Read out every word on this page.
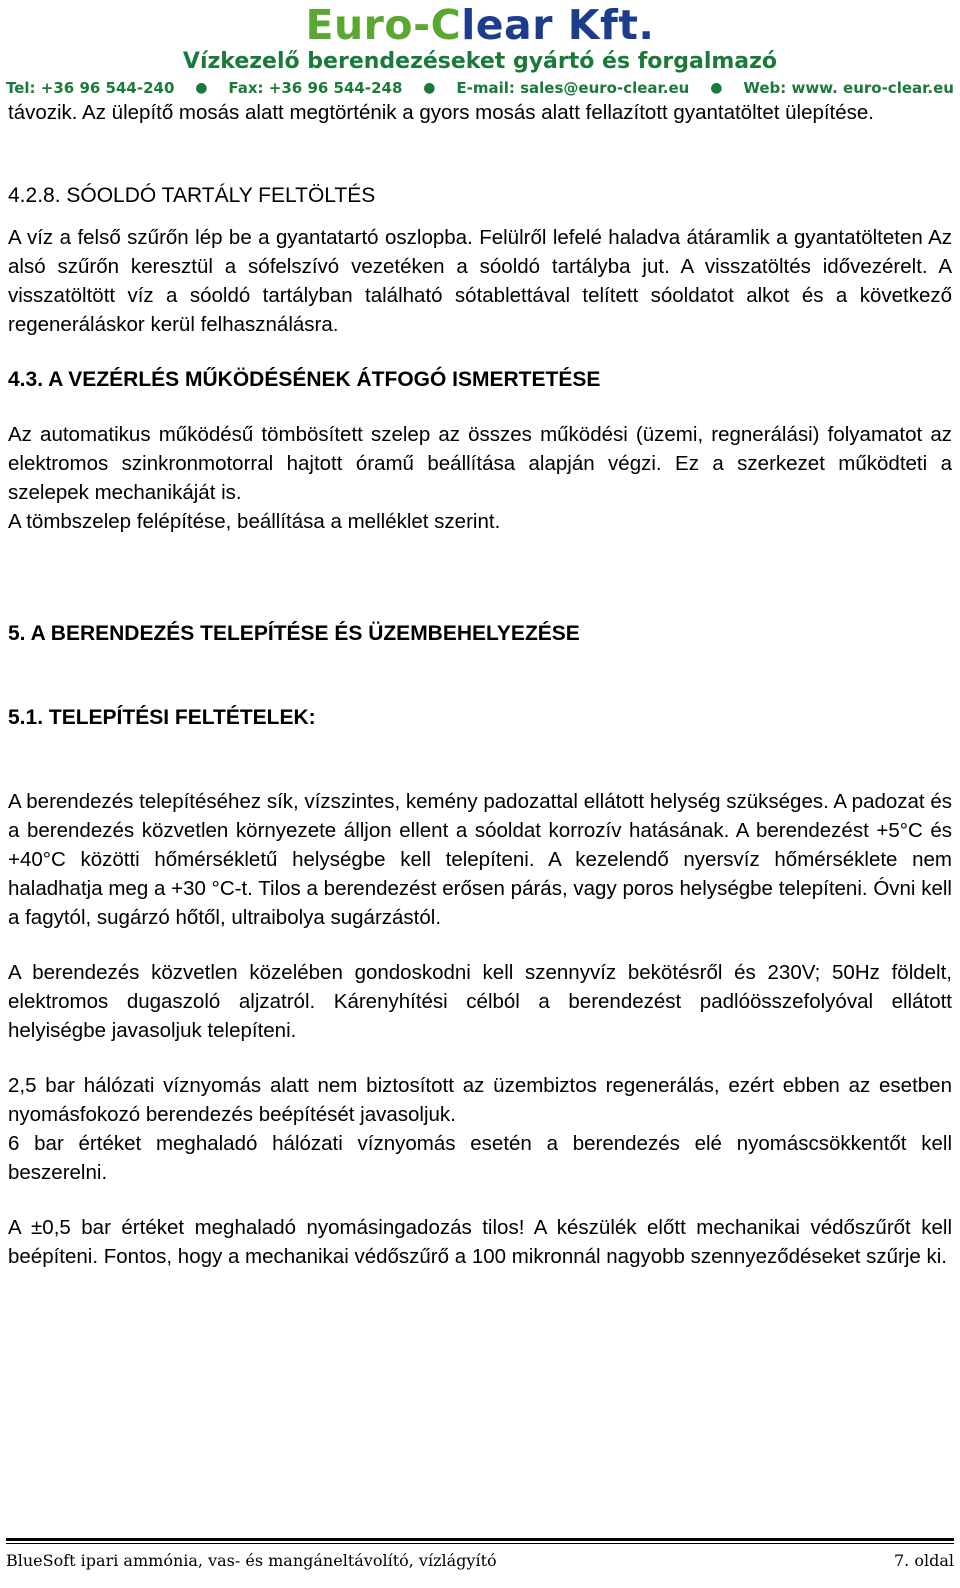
Euro-Clear Kft.
Vízkezelő berendezéseket gyártó és forgalmazó
Tel: +36 96 544-240 ● Fax: +36 96 544-248 ● E-mail: sales@euro-clear.eu ● Web: www. euro-clear.eu

távozik. Az ülepítő mosás alatt megtörténik a gyors mosás alatt fellazított gyantatöltet ülepítése.

4.2.8. SÓOLDÓ TARTÁLY FELTÖLTÉS

A víz a felső szűrőn lép be a gyantatartó oszlopba. Felülről lefelé haladva átáramlik a gyantatölteten Az alsó szűrőn keresztül a sófelszívó vezetéken a sóoldó tartályba jut. A visszatöltés idővezérelt. A visszatöltött víz a sóoldó tartályban található sótablettával telített sóoldatot alkot és a következő regeneráláskor kerül felhasználásra.

4.3. A VEZÉRLÉS MŰKÖDÉSÉNEK ÁTFOGÓ ISMERTETÉSE

Az automatikus működésű tömbösített szelep az összes működési (üzemi, regnerálási) folyamatot az elektromos szinkronmotorral hajtott óramű beállítása alapján végzi. Ez a szerkezet működteti a szelepek mechanikáját is.

A tömbszelep felépítése, beállítása a melléklet szerint.

5. A BERENDEZÉS TELEPÍTÉSE ÉS ÜZEMBEHELYEZÉSE
5.1. TELEPÍTÉSI FELTÉTELEK:

A berendezés telepítéséhez sík, vízszintes, kemény padozattal ellátott helység szükséges. A padozat és a berendezés közvetlen környezete álljon ellent a sóoldat korrozív hatásának. A berendezést +5°C és +40°C közötti hőmérsékletű helységbe kell telepíteni. A kezelendő nyersvíz hőmérséklete nem haladhatja meg a +30 °C-t. Tilos a berendezést erősen párás, vagy poros helységbe telepíteni. Óvni kell a fagytól, sugárzó hőtől, ultraibolya sugárzástól.

A berendezés közvetlen közelében gondoskodni kell szennyvíz bekötésről és 230V; 50Hz földelt, elektromos dugaszoló aljzatról. Kárenyhítési célból a berendezést padlóösszefolyóval ellátott helyiségbe javasoljuk telepíteni.

2,5 bar hálózati víznyomás alatt nem biztosított az üzembiztos regenerálás, ezért ebben az esetben nyomásfokozó berendezés beépítését javasoljuk.

6 bar értéket meghaladó hálózati víznyomás esetén a berendezés elé nyomáscsökkentőt kell beszerelni.

A ±0,5 bar értéket meghaladó nyomásingadozás tilos! A készülék előtt mechanikai védőszűrőt kell beépíteni. Fontos, hogy a mechanikai védőszűrő a 100 mikronnál nagyobb szennyeződéseket szűrje ki.

BlueSoft ipari ammónia, vas- és mangáneltávolító, vízlágyító	7. oldal
